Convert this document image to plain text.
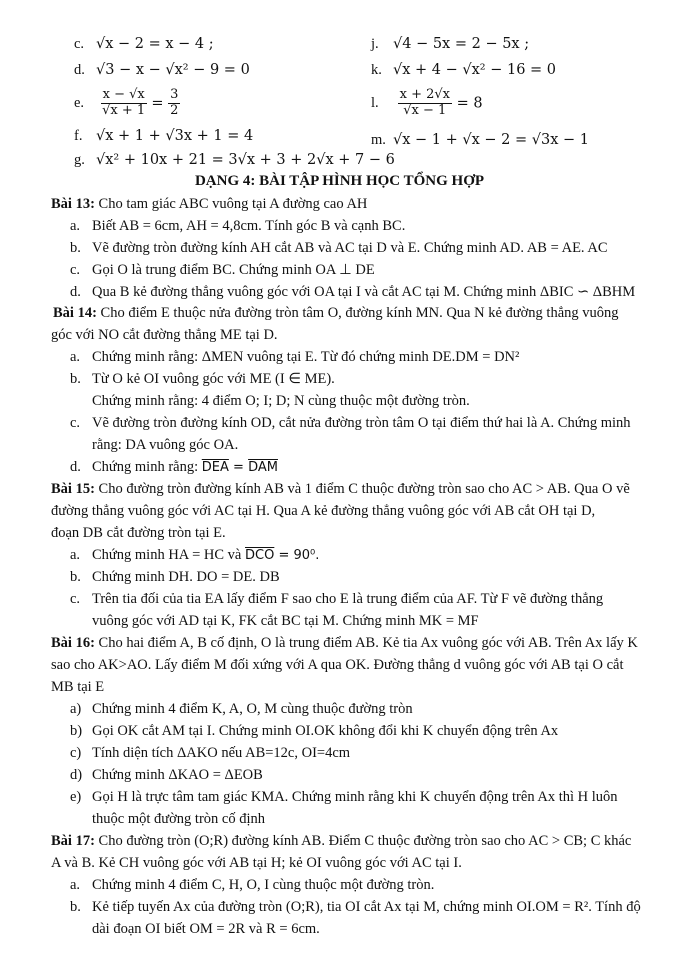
c. √x − 2 = x − 4 ;
d. √3 − x − √x² − 9 = 0
e. $\frac{x - √x}{√x + 1} = \frac{3}{2}$
f. √x + 1 + √3x + 1 = 4
g. √x² + 10x + 21 = 3√x + 3 + 2√x + 7 − 6
j. √4 − 5x = 2 − 5x ;
k. √x + 4 − √x² − 16 = 0
l. $\frac{x + 2√x}{√x - 1} = 8$
m. √x − 1 + √x − 2 = √3x − 1
DẠNG 4: BÀI TẬP HÌNH HỌC TỔNG HỢP
Bài 13: Cho tam giác ABC vuông tại A đường cao AH
a. Biết AB = 6cm, AH = 4,8cm. Tính góc B và cạnh BC.
b. Vẽ đường tròn đường kính AH cắt AB và AC tại D và E. Chứng minh AD. AB = AE. AC
c. Gọi O là trung điểm BC. Chứng minh OA ⊥ DE
d. Qua B kẻ đường thẳng vuông góc với OA tại I và cắt AC tại M. Chứng minh ΔBIC ∽ ΔBHM
Bài 14: Cho điểm E thuộc nửa đường tròn tâm O, đường kính MN. Qua N kẻ đường thẳng vuông
góc với NO cắt đường thẳng ME tại D.
a. Chứng minh rằng: ΔMEN vuông tại E. Từ đó chứng minh DE.DM = DN²
b. Từ O kẻ OI vuông góc với ME (I ∈ ME).
Chứng minh rằng: 4 điểm O; I; D; N cùng thuộc một đường tròn.
c. Vẽ đường tròn đường kính OD, cắt nửa đường tròn tâm O tại điểm thứ hai là A. Chứng minh
rằng: DA vuông góc OA.
d. Chứng minh rằng: $\overline{DEA} = \overline{DAM}$
Bài 15: Cho đường tròn đường kính AB và 1 điểm C thuộc đường tròn sao cho AC > AB. Qua O vẽ
đường thẳng vuông góc với AC tại H. Qua A kẻ đường thẳng vuông góc với AB cắt OH tại D,
đoạn DB cắt đường tròn tại E.
a. Chứng minh HA = HC và $\overline{DCO} = 90^0$.
b. Chứng minh DH. DO = DE. DB
c. Trên tia đối của tia EA lấy điểm F sao cho E là trung điểm của AF. Từ F vẽ đường thẳng
vuông góc với AD tại K, FK cắt BC tại M. Chứng minh MK = MF
Bài 16: Cho hai điểm A, B cố định, O là trung điểm AB. Kẻ tia Ax vuông góc với AB. Trên Ax lấy K
sao cho AK>AO. Lấy điểm M đối xứng với A qua OK. Đường thẳng d vuông góc với AB tại O cắt
MB tại E
a) Chứng minh 4 điểm K, A, O, M cùng thuộc đường tròn
b) Gọi OK cắt AM tại I. Chứng minh OI.OK không đổi khi K chuyển động trên Ax
c) Tính diện tích ΔAKO nếu AB=12c, OI=4cm
d) Chứng minh ΔKAO = ΔEOB
e) Gọi H là trực tâm tam giác KMA. Chứng minh rằng khi K chuyển động trên Ax thì H luôn
thuộc một đường tròn cố định
Bài 17: Cho đường tròn (O;R) đường kính AB. Điểm C thuộc đường tròn sao cho AC > CB; C khác
A và B. Kẻ CH vuông góc với AB tại H; kẻ OI vuông góc với AC tại I.
a. Chứng minh 4 điểm C, H, O, I cùng thuộc một đường tròn.
b. Kẻ tiếp tuyến Ax của đường tròn (O;R), tia OI cắt Ax tại M, chứng minh OI.OM = R². Tính độ
dài đoạn OI biết OM = 2R và R = 6cm.
